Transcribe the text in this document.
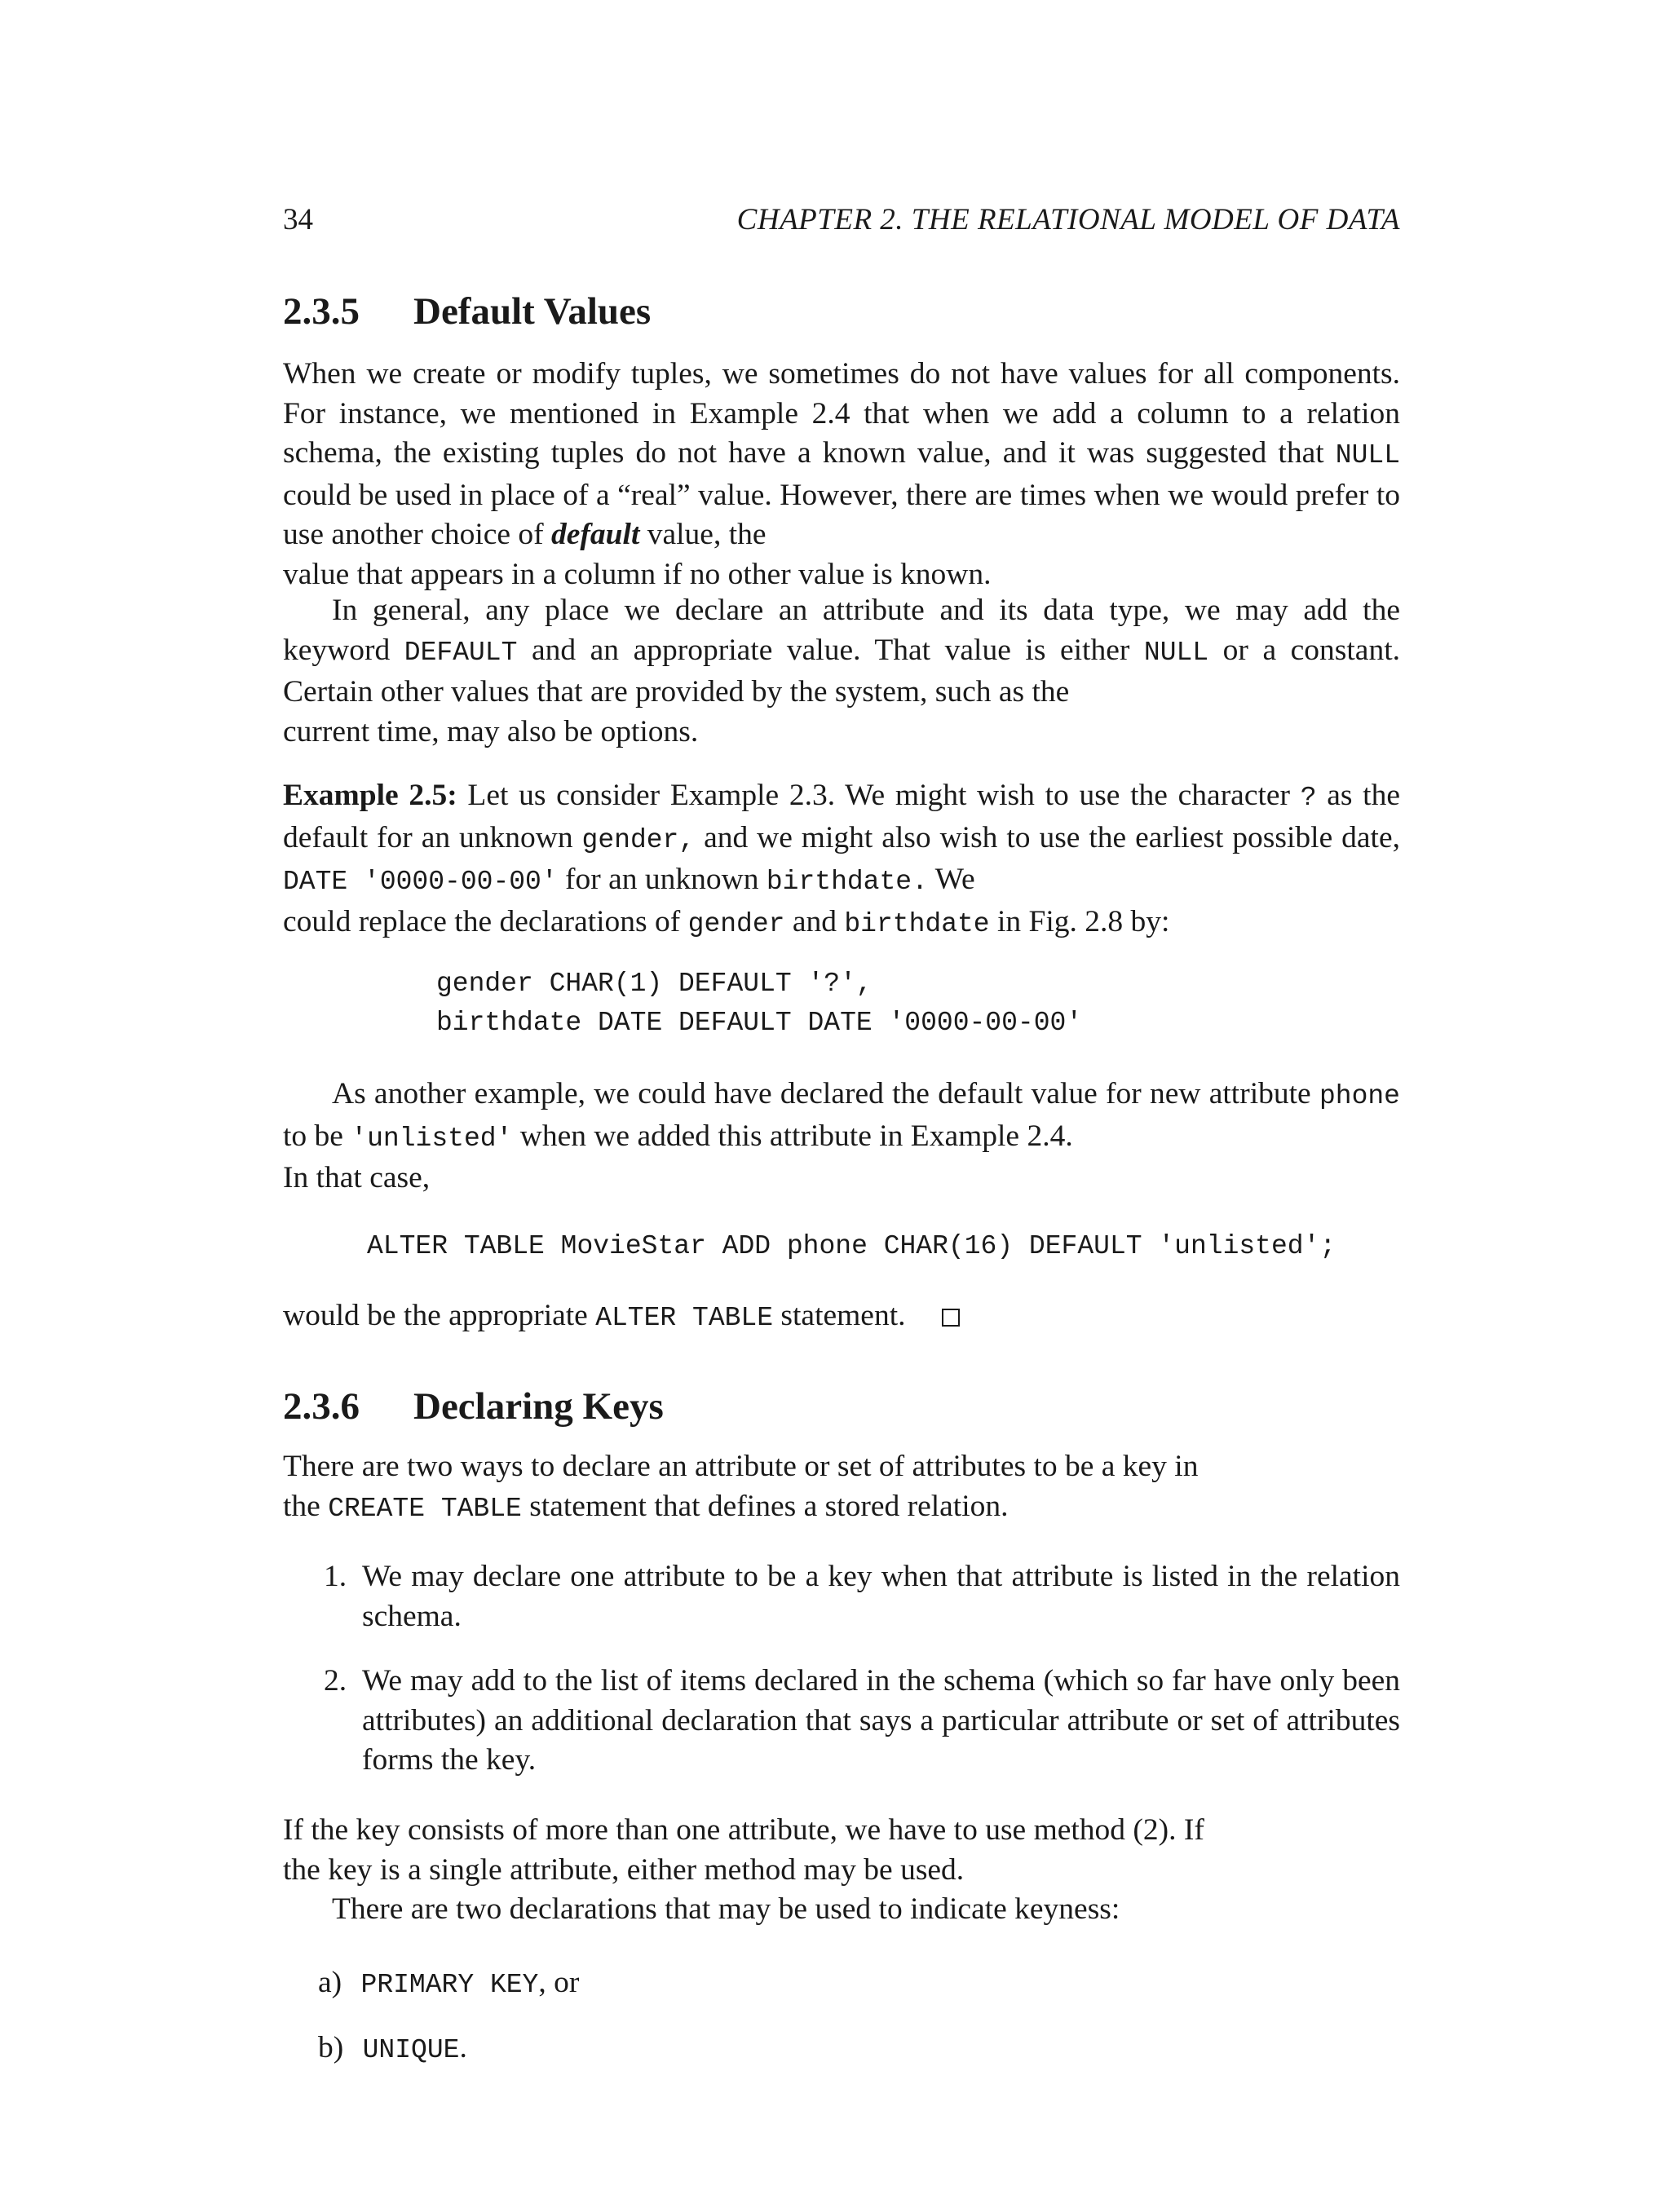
34	CHAPTER 2. THE RELATIONAL MODEL OF DATA
2.3.5 Default Values

When we create or modify tuples, we sometimes do not have values for all components. For instance, we mentioned in Example 2.4 that when we add a column to a relation schema, the existing tuples do not have a known value, and it was suggested that NULL could be used in place of a “real” value. However, there are times when we would prefer to use another choice of default value, the
value that appears in a column if no other value is known.

In general, any place we declare an attribute and its data type, we may add the keyword DEFAULT and an appropriate value. That value is either NULL or a constant. Certain other values that are provided by the system, such as the
current time, may also be options.

Example 2.5: Let us consider Example 2.3. We might wish to use the character ? as the default for an unknown gender, and we might also wish to use the earliest possible date, DATE '0000-00-00' for an unknown birthdate. We
could replace the declarations of gender and birthdate in Fig. 2.8 by:

gender CHAR(1) DEFAULT '?',
birthdate DATE DEFAULT DATE '0000-00-00'

As another example, we could have declared the default value for new attribute phone to be 'unlisted' when we added this attribute in Example 2.4.
In that case,

ALTER TABLE MovieStar ADD phone CHAR(16) DEFAULT 'unlisted';

would be the appropriate ALTER TABLE statement.

2.3.6 Declaring Keys

There are two ways to declare an attribute or set of attributes to be a key in
the CREATE TABLE statement that defines a stored relation.

1. We may declare one attribute to be a key when that attribute is listed in the relation schema.
2. We may add to the list of items declared in the schema (which so far have only been attributes) an additional declaration that says a particular attribute or set of attributes forms the key.

If the key consists of more than one attribute, we have to use method (2). If
the key is a single attribute, either method may be used.

There are two declarations that may be used to indicate keyness:

a) PRIMARY KEY, or
b) UNIQUE.
